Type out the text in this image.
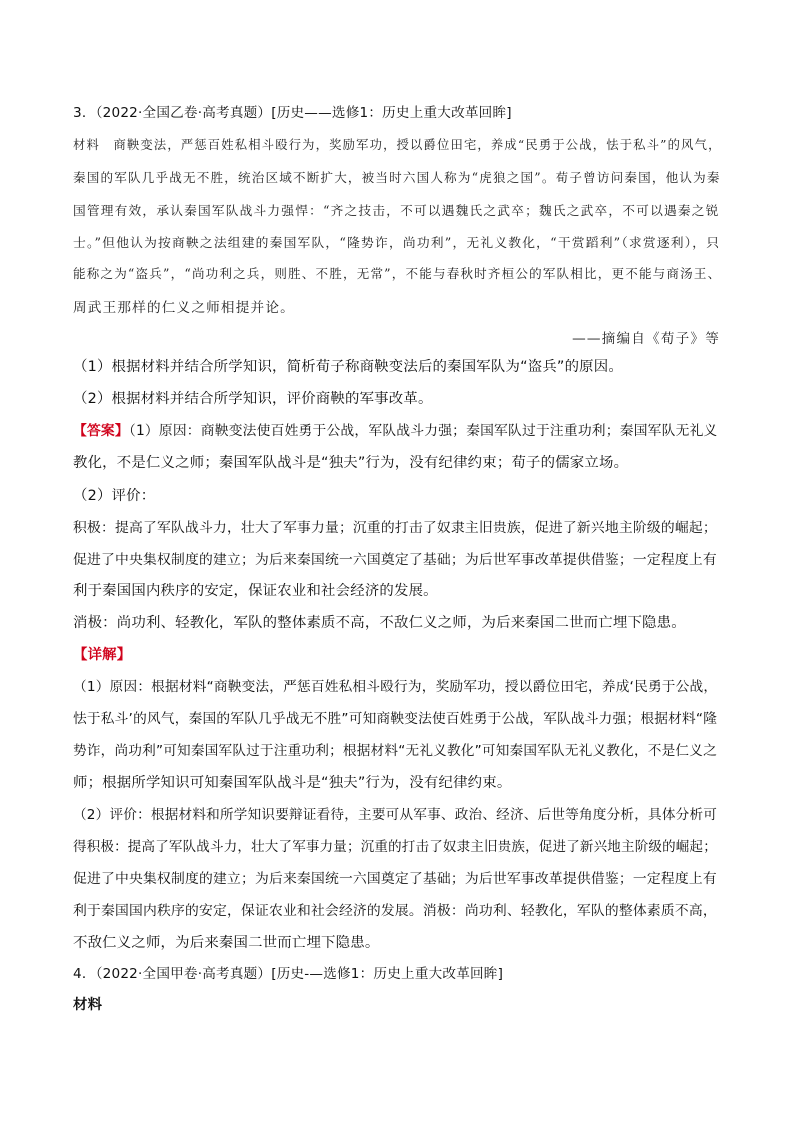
3．（2022·全国乙卷·高考真题）[历史——选修1：历史上重大改革回眸]
材料　商鞅变法，严惩百姓私相斗殴行为，奖励军功，授以爵位田宅，养成“民勇于公战，怯于私斗”的风气，
秦国的军队几乎战无不胜，统治区域不断扩大，被当时六国人称为“虎狼之国”。荀子曾访问秦国，他认为秦
国管理有效，承认秦国军队战斗力强悍：“齐之技击，不可以遇魏氏之武卒；魏氏之武卒，不可以遇秦之锐
士。”但他认为按商鞅之法组建的秦国军队，“隆势诈，尚功利”，无礼义教化，“干赏蹈利”（求赏逐利），只
能称之为“盗兵”，“尚功利之兵，则胜、不胜，无常”，不能与春秋时齐桓公的军队相比，更不能与商汤王、
周武王那样的仁义之师相提并论。
——摘编自《荀子》等
（1）根据材料并结合所学知识，简析荀子称商鞅变法后的秦国军队为“盗兵”的原因。
（2）根据材料并结合所学知识，评价商鞅的军事改革。
【答案】（1）原因：商鞅变法使百姓勇于公战，军队战斗力强；秦国军队过于注重功利；秦国军队无礼义
教化，不是仁义之师；秦国军队战斗是“独夫”行为，没有纪律约束；荀子的儒家立场。
（2）评价：
积极：提高了军队战斗力，壮大了军事力量；沉重的打击了奴隶主旧贵族，促进了新兴地主阶级的崛起；
促进了中央集权制度的建立；为后来秦国统一六国奠定了基础；为后世军事改革提供借鉴；一定程度上有
利于秦国国内秩序的安定，保证农业和社会经济的发展。
消极：尚功利、轻教化，军队的整体素质不高，不敌仁义之师，为后来秦国二世而亡埋下隐患。
【详解】
（1）原因：根据材料“商鞅变法，严惩百姓私相斗殴行为，奖励军功，授以爵位田宅，养成‘民勇于公战，
怯于私斗’的风气，秦国的军队几乎战无不胜”可知商鞅变法使百姓勇于公战，军队战斗力强；根据材料“隆
势诈，尚功利”可知秦国军队过于注重功利；根据材料“无礼义教化”可知秦国军队无礼义教化，不是仁义之
师；根据所学知识可知秦国军队战斗是“独夫”行为，没有纪律约束。
（2）评价：根据材料和所学知识要辩证看待，主要可从军事、政治、经济、后世等角度分析，具体分析可
得积极：提高了军队战斗力，壮大了军事力量；沉重的打击了奴隶主旧贵族，促进了新兴地主阶级的崛起；
促进了中央集权制度的建立；为后来秦国统一六国奠定了基础；为后世军事改革提供借鉴；一定程度上有
利于秦国国内秩序的安定，保证农业和社会经济的发展。消极：尚功利、轻教化，军队的整体素质不高，
不敌仁义之师，为后来秦国二世而亡埋下隐患。
4．（2022·全国甲卷·高考真题）[历史-—选修1：历史上重大改革回眸]
材料
